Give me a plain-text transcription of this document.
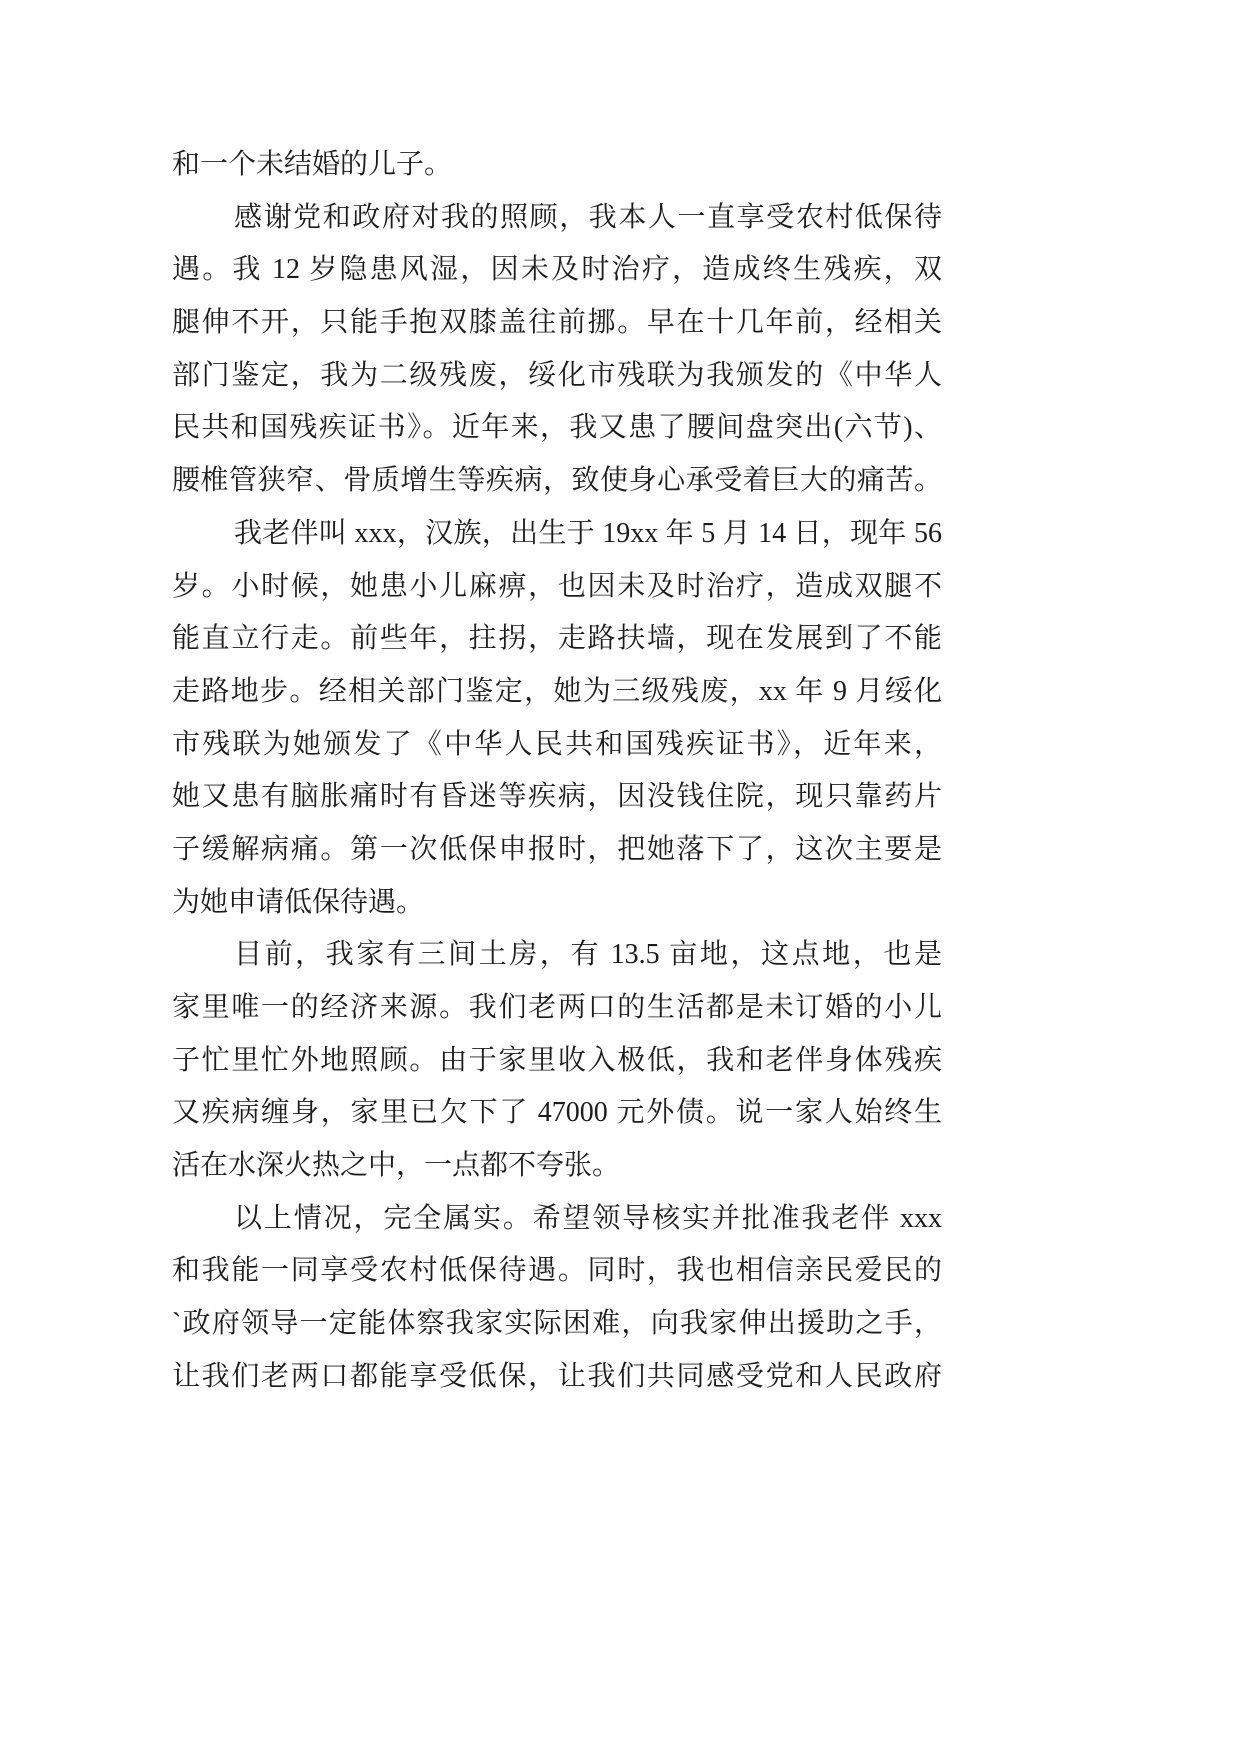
和一个未结婚的儿子。
感谢党和政府对我的照顾，我本人一直享受农村低保待
遇。我 12 岁隐患风湿，因未及时治疗，造成终生残疾，双
腿伸不开，只能手抱双膝盖往前挪。早在十几年前，经相关
部门鉴定，我为二级残废，绥化市残联为我颁发的《中华人
民共和国残疾证书》。近年来，我又患了腰间盘突出(六节)、
腰椎管狭窄、骨质增生等疾病，致使身心承受着巨大的痛苦。
我老伴叫 xxx，汉族，出生于 19xx 年 5 月 14 日，现年 56
岁。小时候，她患小儿麻痹，也因未及时治疗，造成双腿不
能直立行走。前些年，拄拐，走路扶墙，现在发展到了不能
走路地步。经相关部门鉴定，她为三级残废，xx 年 9 月绥化
市残联为她颁发了《中华人民共和国残疾证书》，近年来，
她又患有脑胀痛时有昏迷等疾病，因没钱住院，现只靠药片
子缓解病痛。第一次低保申报时，把她落下了，这次主要是
为她申请低保待遇。
目前，我家有三间土房，有 13.5 亩地，这点地，也是
家里唯一的经济来源。我们老两口的生活都是未订婚的小儿
子忙里忙外地照顾。由于家里收入极低，我和老伴身体残疾
又疾病缠身，家里已欠下了 47000 元外债。说一家人始终生
活在水深火热之中，一点都不夸张。
以上情况，完全属实。希望领导核实并批准我老伴 xxx
和我能一同享受农村低保待遇。同时，我也相信亲民爱民的
`政府领导一定能体察我家实际困难，向我家伸出援助之手，
让我们老两口都能享受低保，让我们共同感受党和人民政府
